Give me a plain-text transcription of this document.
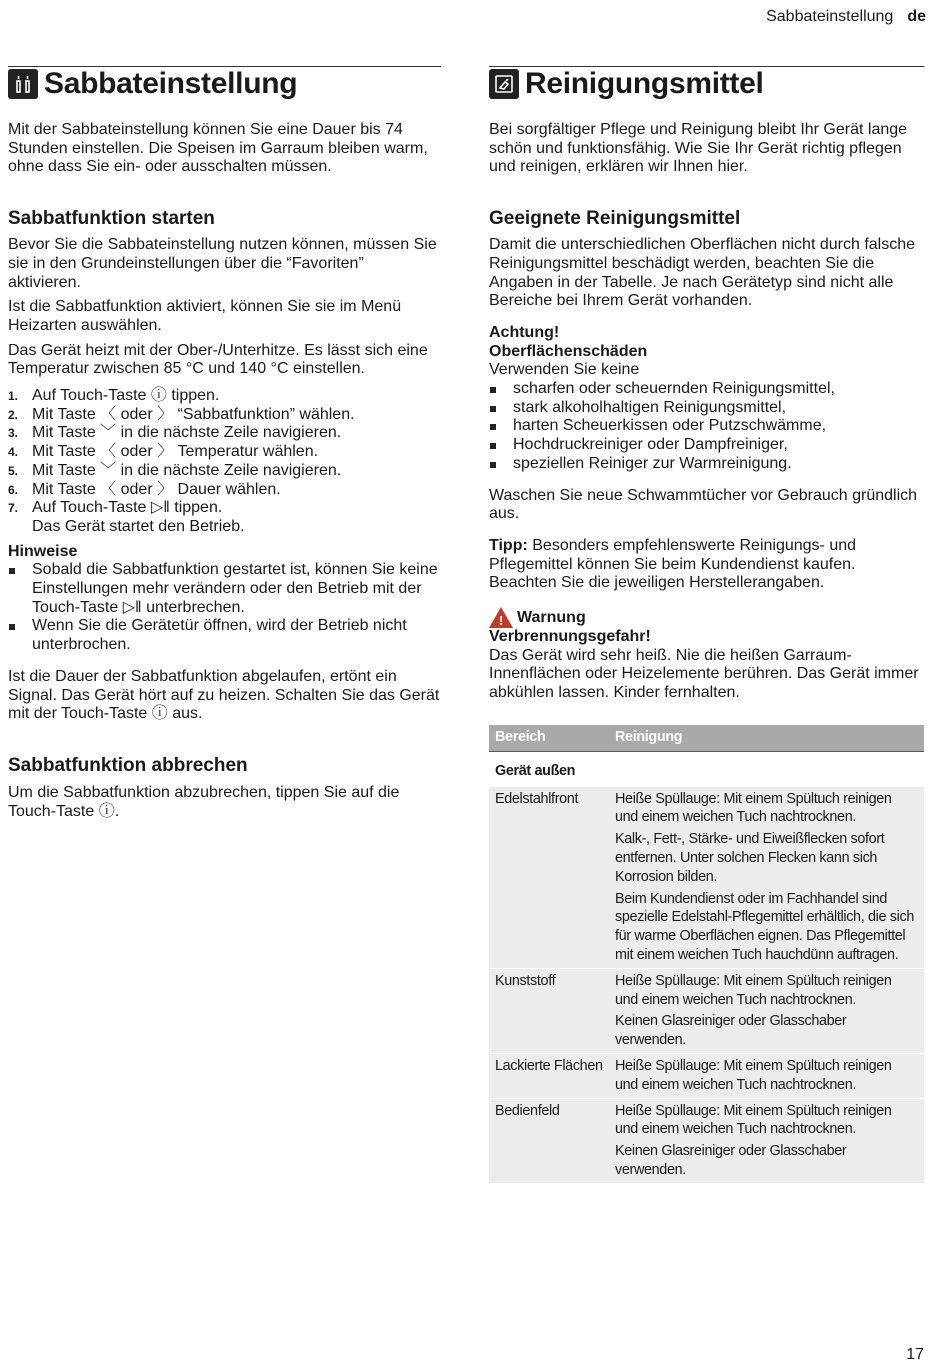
Sabbateinstellung de
Sabbateinstellung

Mit der Sabbateinstellung können Sie eine Dauer bis 74 Stunden einstellen. Die Speisen im Garraum bleiben warm, ohne dass Sie ein- oder ausschalten müssen.

Sabbatfunktion starten

Bevor Sie die Sabbateinstellung nutzen können, müssen Sie sie in den Grundeinstellungen über die “Favoriten” aktivieren.

Ist die Sabbatfunktion aktiviert, können Sie sie im Menü Heizarten auswählen.

Das Gerät heizt mit der Ober-/Unterhitze. Es lässt sich eine Temperatur zwischen 85 °C und 140 °C einstellen.

1. Auf Touch-Taste ⓘ tippen.
2. Mit Taste 〈 oder 〉 “Sabbatfunktion” wählen.
3. Mit Taste ﹀ in die nächste Zeile navigieren.
4. Mit Taste 〈 oder 〉 Temperatur wählen.
5. Mit Taste ﹀ in die nächste Zeile navigieren.
6. Mit Taste 〈 oder 〉 Dauer wählen.
7. Auf Touch-Taste ▷‖ tippen.
Das Gerät startet den Betrieb.

Hinweise

Sobald die Sabbatfunktion gestartet ist, können Sie keine Einstellungen mehr verändern oder den Betrieb mit der Touch-Taste ▷‖ unterbrechen.
Wenn Sie die Gerätetür öffnen, wird der Betrieb nicht unterbrochen.

Ist die Dauer der Sabbatfunktion abgelaufen, ertönt ein Signal. Das Gerät hört auf zu heizen. Schalten Sie das Gerät mit der Touch-Taste ⓘ aus.

Sabbatfunktion abbrechen

Um die Sabbatfunktion abzubrechen, tippen Sie auf die Touch-Taste ⓘ.

Reinigungsmittel

Bei sorgfältiger Pflege und Reinigung bleibt Ihr Gerät lange schön und funktionsfähig. Wie Sie Ihr Gerät richtig pflegen und reinigen, erklären wir Ihnen hier.

Geeignete Reinigungsmittel

Damit die unterschiedlichen Oberflächen nicht durch falsche Reinigungsmittel beschädigt werden, beachten Sie die Angaben in der Tabelle. Je nach Gerätetyp sind nicht alle Bereiche bei Ihrem Gerät vorhanden.

Achtung!

Oberflächenschäden

Verwenden Sie keine

scharfen oder scheuernden Reinigungsmittel,
stark alkoholhaltigen Reinigungsmittel,
harten Scheuerkissen oder Putzschwämme,
Hochdruckreiniger oder Dampfreiniger,
speziellen Reiniger zur Warmreinigung.

Waschen Sie neue Schwammtücher vor Gebrauch gründlich aus.

Tipp: Besonders empfehlenswerte Reinigungs- und Pflegemittel können Sie beim Kundendienst kaufen. Beachten Sie die jeweiligen Herstellerangaben.

! Warnung

Verbrennungsgefahr!

Das Gerät wird sehr heiß. Nie die heißen Garraum-Innenflächen oder Heizelemente berühren. Das Gerät immer abkühlen lassen. Kinder fernhalten.

Bereich	Reinigung
Gerät außen	
Edelstahlfront	Heiße Spüllauge: Mit einem Spültuch reinigen und einem weichen Tuch nachtrocknen.

Kalk-, Fett-, Stärke- und Eiweißflecken sofort entfernen. Unter solchen Flecken kann sich Korrosion bilden.

Beim Kundendienst oder im Fachhandel sind spezielle Edelstahl-Pflegemittel erhältlich, die sich für warme Oberflächen eignen. Das Pflegemittel mit einem weichen Tuch hauchdünn auftragen.

Kunststoff	Heiße Spüllauge: Mit einem Spültuch reinigen und einem weichen Tuch nachtrocknen.

Keinen Glasreiniger oder Glasschaber verwenden.

Lackierte Flächen	Heiße Spüllauge: Mit einem Spültuch reinigen und einem weichen Tuch nachtrocknen.

Bedienfeld	Heiße Spüllauge: Mit einem Spültuch reinigen und einem weichen Tuch nachtrocknen.

Keinen Glasreiniger oder Glasschaber verwenden.

17
